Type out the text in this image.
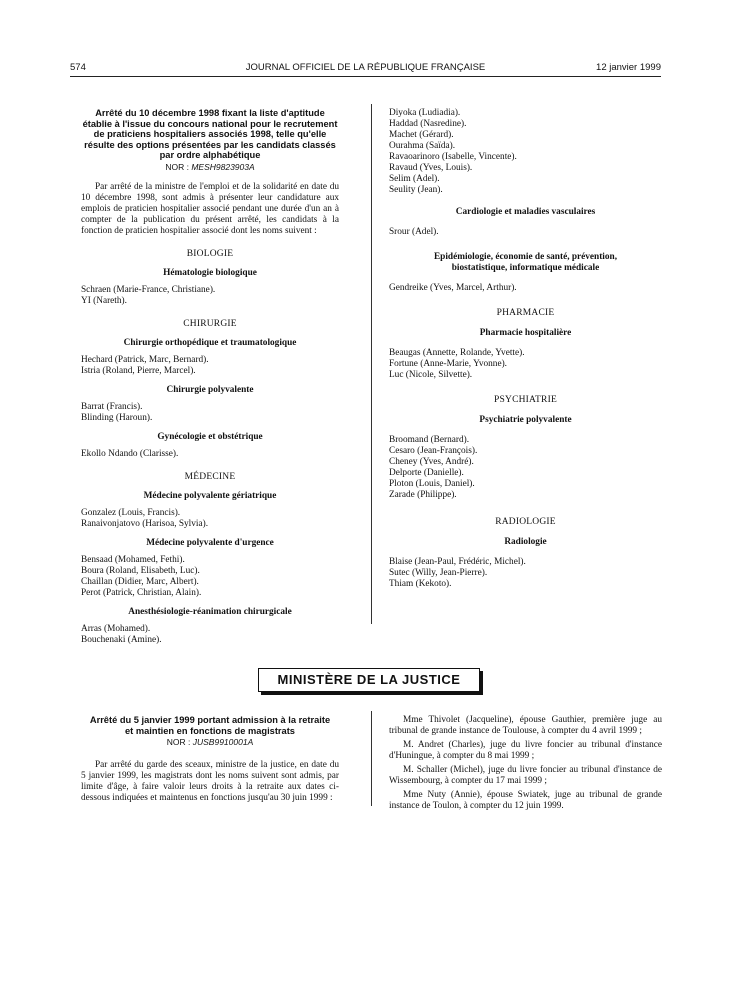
574	JOURNAL OFFICIEL DE LA RÉPUBLIQUE FRANÇAISE	12 janvier 1999
Arrêté du 10 décembre 1998 fixant la liste d'aptitude établie à l'issue du concours national pour le recrutement de praticiens hospitaliers associés 1998, telle qu'elle résulte des options présentées par les candidats classés par ordre alphabétique
NOR : MESH9823903A
Par arrêté de la ministre de l'emploi et de la solidarité en date du 10 décembre 1998, sont admis à présenter leur candidature aux emplois de praticien hospitalier associé pendant une durée d'un an à compter de la publication du présent arrêté, les candidats à la fonction de praticien hospitalier associé dont les noms suivent :
BIOLOGIE
Hématologie biologique
Schraen (Marie-France, Christiane).
YI (Nareth).
CHIRURGIE
Chirurgie orthopédique et traumatologique
Hechard (Patrick, Marc, Bernard).
Istria (Roland, Pierre, Marcel).
Chirurgie polyvalente
Barrat (Francis).
Blinding (Haroun).
Gynécologie et obstétrique
Ekollo Ndando (Clarisse).
MÉDECINE
Médecine polyvalente gériatrique
Gonzalez (Louis, Francis).
Ranaivonjatovo (Harisoa, Sylvia).
Médecine polyvalente d'urgence
Bensaad (Mohamed, Fethi).
Boura (Roland, Elisabeth, Luc).
Chaillan (Didier, Marc, Albert).
Perot (Patrick, Christian, Alain).
Anesthésiologie-réanimation chirurgicale
Arras (Mohamed).
Bouchenaki (Amine).
Diyoka (Ludiadia).
Haddad (Nasredine).
Machet (Gérard).
Ourahma (Saïda).
Ravaoarinoro (Isabelle, Vincente).
Ravaud (Yves, Louis).
Selim (Adel).
Seulity (Jean).
Cardiologie et maladies vasculaires
Srour (Adel).
Epidémiologie, économie de santé, prévention, biostatistique, informatique médicale
Gendreike (Yves, Marcel, Arthur).
PHARMACIE
Pharmacie hospitalière
Beaugas (Annette, Rolande, Yvette).
Fortune (Anne-Marie, Yvonne).
Luc (Nicole, Silvette).
PSYCHIATRIE
Psychiatrie polyvalente
Broomand (Bernard).
Cesaro (Jean-François).
Cheney (Yves, André).
Delporte (Danielle).
Ploton (Louis, Daniel).
Zarade (Philippe).
RADIOLOGIE
Radiologie
Blaise (Jean-Paul, Frédéric, Michel).
Sutec (Willy, Jean-Pierre).
Thiam (Kekoto).
MINISTÈRE DE LA JUSTICE
Arrêté du 5 janvier 1999 portant admission à la retraite et maintien en fonctions de magistrats
NOR : JUSB9910001A
Par arrêté du garde des sceaux, ministre de la justice, en date du 5 janvier 1999, les magistrats dont les noms suivent sont admis, par limite d'âge, à faire valoir leurs droits à la retraite aux dates ci-dessous indiquées et maintenus en fonctions jusqu'au 30 juin 1999 :

Mme Thivolet (Jacqueline), épouse Gauthier, première juge au tribunal de grande instance de Toulouse, à compter du 4 avril 1999 ;

M. Andret (Charles), juge du livre foncier au tribunal d'instance d'Huningue, à compter du 8 mai 1999 ;

M. Schaller (Michel), juge du livre foncier au tribunal d'instance de Wissembourg, à compter du 17 mai 1999 ;

Mme Nuty (Annie), épouse Swiatek, juge au tribunal de grande instance de Toulon, à compter du 12 juin 1999.
